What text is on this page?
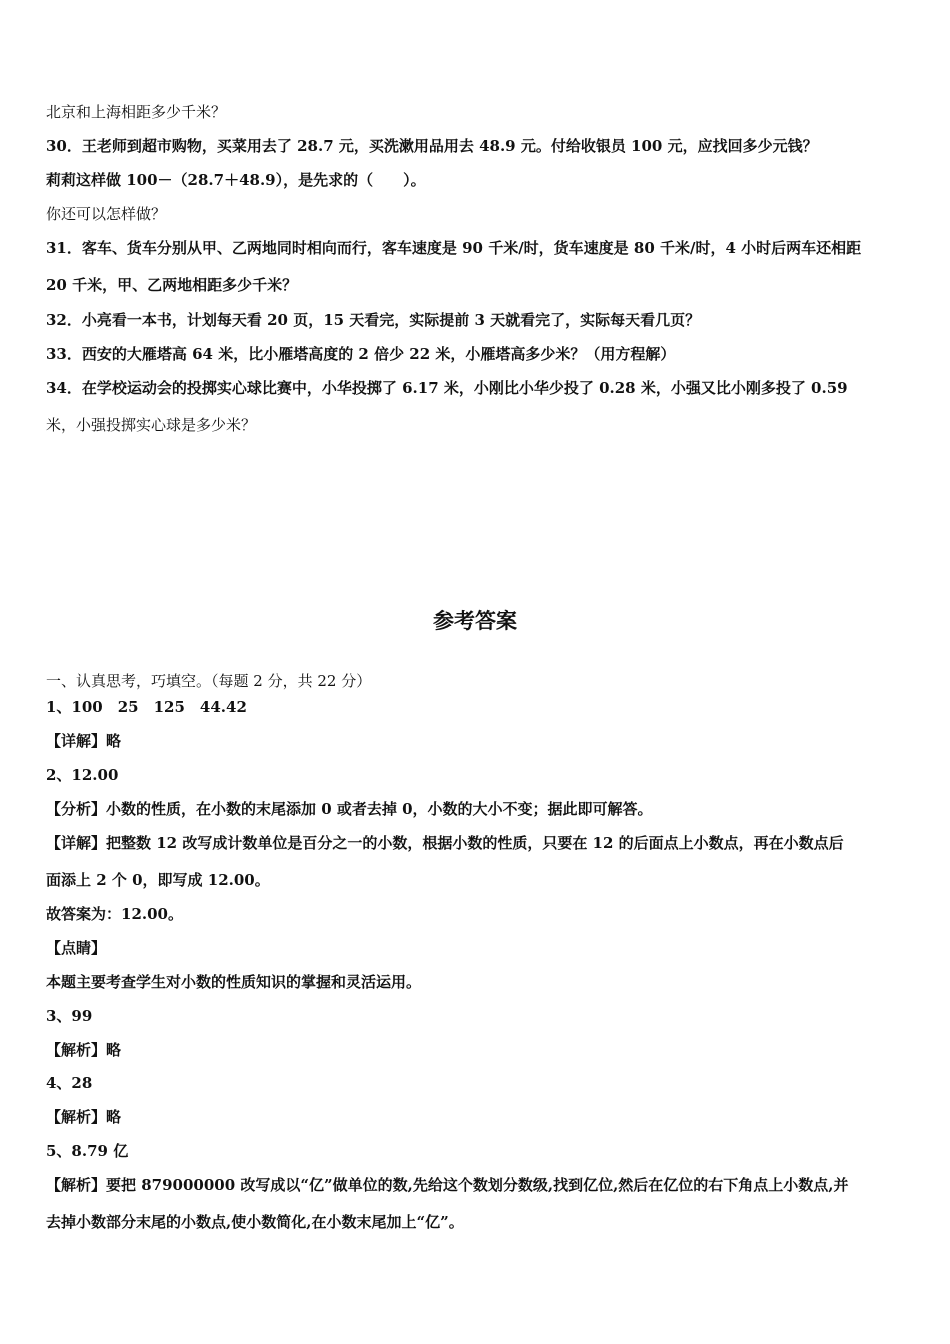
北京和上海相距多少千米？
30．王老师到超市购物，买菜用去了 28.7 元，买洗漱用品用去 48.9 元。付给收银员 100 元，应找回多少元钱？
莉莉这样做 100－（28.7＋48.9），是先求的（　　）。
你还可以怎样做？
31．客车、货车分别从甲、乙两地同时相向而行，客车速度是 90 千米/时，货车速度是 80 千米/时，4 小时后两车还相距
20 千米，甲、乙两地相距多少千米？
32．小亮看一本书，计划每天看 20 页，15 天看完，实际提前 3 天就看完了，实际每天看几页？
33．西安的大雁塔高 64 米，比小雁塔高度的 2 倍少 22 米，小雁塔高多少米？（用方程解）
34．在学校运动会的投掷实心球比赛中，小华投掷了 6.17 米，小刚比小华少投了 0.28 米，小强又比小刚多投了 0.59
米，小强投掷实心球是多少米？
参考答案
一、认真思考，巧填空。（每题 2 分，共 22 分）
1、100　25　125　44.42
【详解】略
2、12.00
【分析】小数的性质，在小数的末尾添加 0 或者去掉 0，小数的大小不变；据此即可解答。
【详解】把整数 12 改写成计数单位是百分之一的小数，根据小数的性质，只要在 12 的后面点上小数点，再在小数点后
面添上 2 个 0，即写成 12.00。
故答案为：12.00。
【点睛】
本题主要考查学生对小数的性质知识的掌握和灵活运用。
3、99
【解析】略
4、28
【解析】略
5、8.79 亿
【解析】要把 879000000 改写成以“亿”做单位的数,先给这个数划分数级,找到亿位,然后在亿位的右下角点上小数点,并
去掉小数部分末尾的小数点,使小数简化,在小数末尾加上“亿”。
